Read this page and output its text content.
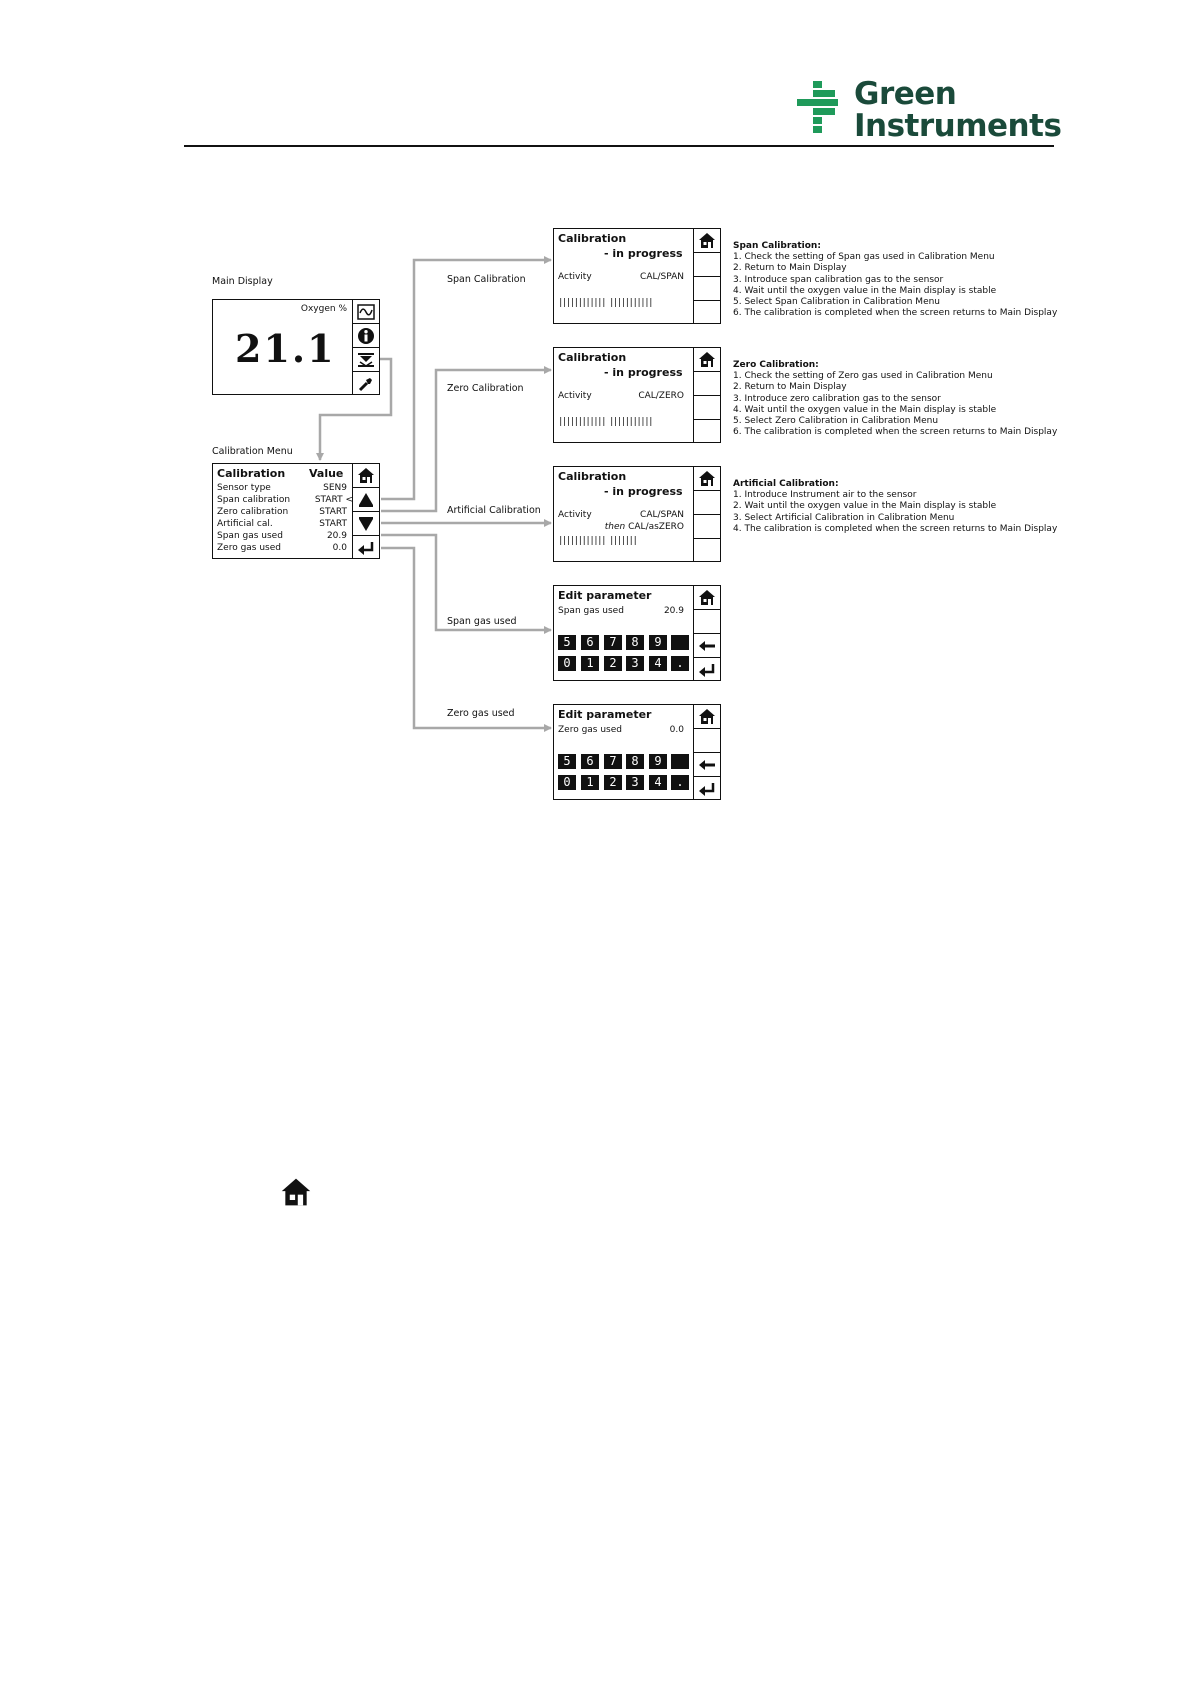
Green
Instruments
Main Display
Calibration Menu
Span Calibration
Zero Calibration
Artificial Calibration
Span gas used
Zero gas used
Oxygen %
21.1
Calibration Value
Sensor type	SEN9
Span calibration	START <
Zero calibration	START
Artificial cal.	START
Span gas used	20.9
Zero gas used	0.0
Calibration
- in progress
Activity	CAL/SPAN
|||||||||||| |||||||||||
Calibration
- in progress
Activity	CAL/ZERO
|||||||||||| |||||||||||
Calibration
- in progress
Activity	CAL/SPAN
then CAL/asZERO
|||||||||||| |||||||
Edit parameter
Span gas used	20.9
5	6	7	8	9
0	1	2	3	4	.
Edit parameter
Zero gas used	0.0
5	6	7	8	9
0	1	2	3	4	.
Span Calibration:
1. Check the setting of Span gas used in Calibration Menu
2. Return to Main Display
3. Introduce span calibration gas to the sensor
4. Wait until the oxygen value in the Main display is stable
5. Select Span Calibration in Calibration Menu
6. The calibration is completed when the screen returns to Main Display
Zero Calibration:
1. Check the setting of Zero gas used in Calibration Menu
2. Return to Main Display
3. Introduce zero calibration gas to the sensor
4. Wait until the oxygen value in the Main display is stable
5. Select Zero Calibration in Calibration Menu
6. The calibration is completed when the screen returns to Main Display
Artificial Calibration:
1. Introduce Instrument air to the sensor
2. Wait until the oxygen value in the Main display is stable
3. Select Artificial Calibration in Calibration Menu
4. The calibration is completed when the screen returns to Main Display
